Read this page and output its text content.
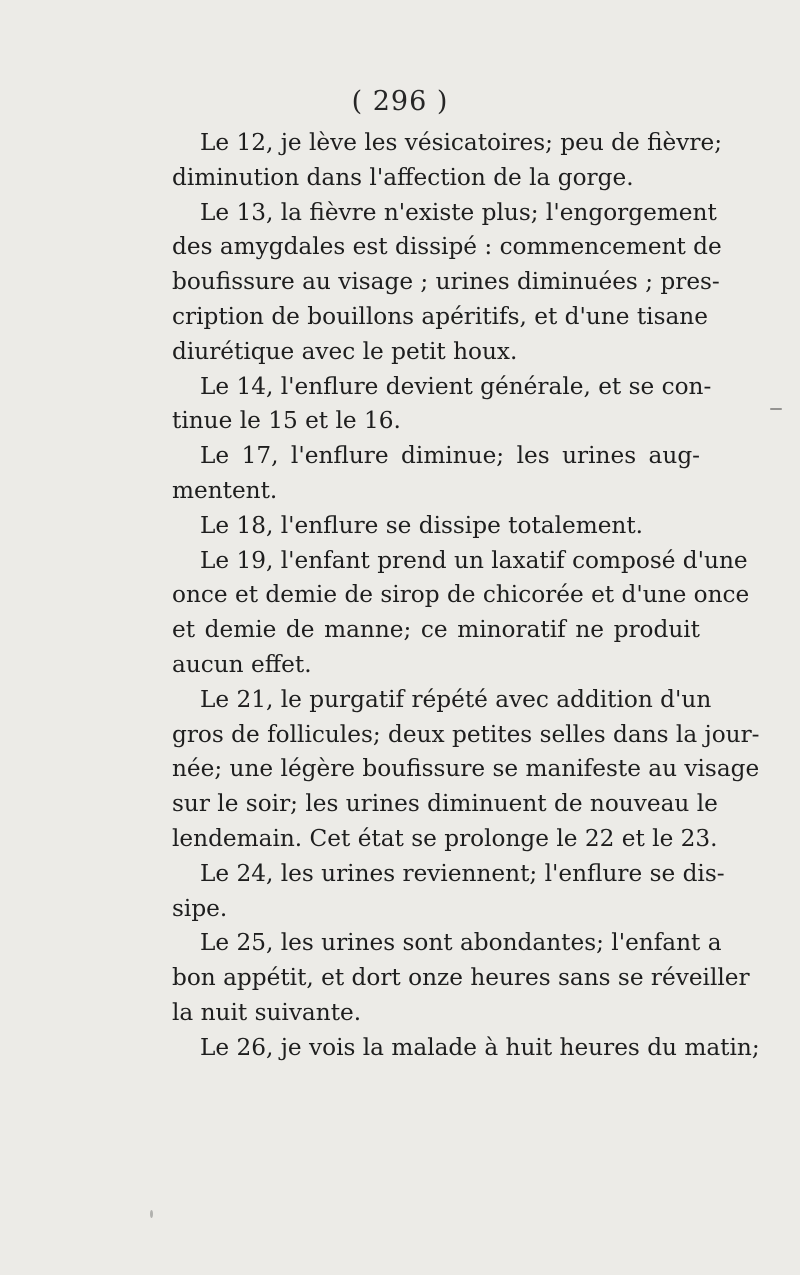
( 296 )
Le 12, je lève les vésicatoires; peu de fièvre;
diminution dans l'affection de la gorge.
Le 13, la fièvre n'existe plus; l'engorgement
des amygdales est dissipé : commencement de
boufissure au visage ; urines diminuées ; pres-
cription de bouillons apéritifs, et d'une tisane
diurétique avec le petit houx.
Le 14, l'enflure devient générale, et se con-
tinue le 15 et le 16.
Le 17, l'enflure diminue; les urines aug-
mentent.
Le 18, l'enflure se dissipe totalement.
Le 19, l'enfant prend un laxatif composé d'une
once et demie de sirop de chicorée et d'une once
et demie de manne; ce minoratif ne produit
aucun effet.
Le 21, le purgatif répété avec addition d'un
gros de follicules; deux petites selles dans la jour-
née; une légère boufissure se manifeste au visage
sur le soir; les urines diminuent de nouveau le
lendemain. Cet état se prolonge le 22 et le 23.
Le 24, les urines reviennent; l'enflure se dis-
sipe.
Le 25, les urines sont abondantes; l'enfant a
bon appétit, et dort onze heures sans se réveiller
la nuit suivante.
Le 26, je vois la malade à huit heures du matin;
